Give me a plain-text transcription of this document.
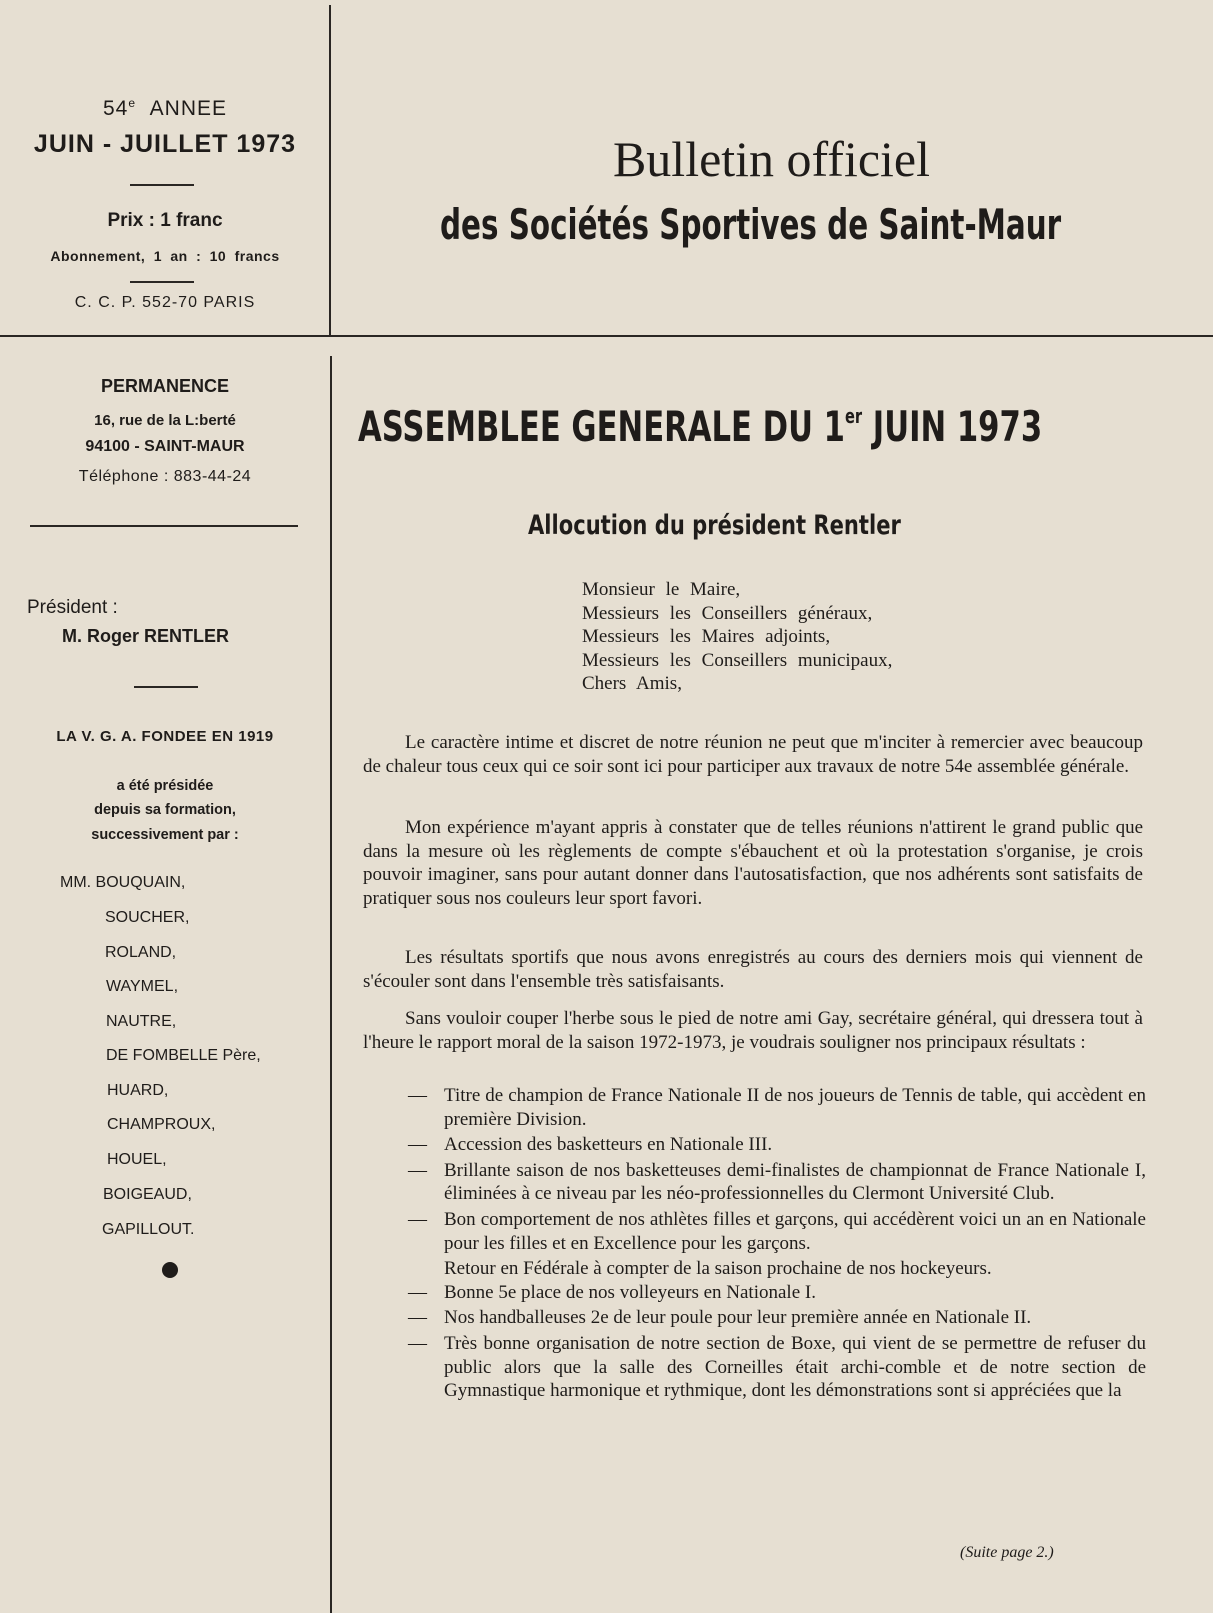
54e ANNEE
JUIN - JUILLET 1973
Prix : 1 franc
Abonnement, 1 an : 10 francs
C. C. P. 552-70 PARIS
Bulletin officiel
des Sociétés Sportives de Saint-Maur
PERMANENCE
16, rue de la L:berté
94100 - SAINT-MAUR
Téléphone : 883-44-24
Président :
M. Roger RENTLER
LA V. G. A. FONDEE EN 1919
a été présidée
depuis sa formation,
successivement par :
MM. BOUQUAIN,
SOUCHER,
ROLAND,
WAYMEL,
NAUTRE,
DE FOMBELLE Père,
HUARD,
CHAMPROUX,
HOUEL,
BOIGEAUD,
GAPILLOUT.
ASSEMBLEE GENERALE DU 1er JUIN 1973
Allocution du président Rentler
Monsieur le Maire,
Messieurs les Conseillers généraux,
Messieurs les Maires adjoints,
Messieurs les Conseillers municipaux,
Chers Amis,

Le caractère intime et discret de notre réunion ne peut que m'inciter à remercier avec beaucoup de chaleur tous ceux qui ce soir sont ici pour participer aux travaux de notre 54e assemblée générale.

Mon expérience m'ayant appris à constater que de telles réunions n'attirent le grand public que dans la mesure où les règlements de compte s'ébauchent et où la protestation s'organise, je crois pouvoir imaginer, sans pour autant donner dans l'autosatisfaction, que nos adhérents sont satisfaits de pratiquer sous nos couleurs leur sport favori.

Les résultats sportifs que nous avons enregistrés au cours des derniers mois qui viennent de s'écouler sont dans l'ensemble très satisfaisants.

Sans vouloir couper l'herbe sous le pied de notre ami Gay, secrétaire général, qui dressera tout à l'heure le rapport moral de la saison 1972-1973, je voudrais souligner nos principaux résultats :

— Titre de champion de France Nationale II de nos joueurs de Tennis de table, qui accèdent en première Division.
— Accession des basketteurs en Nationale III.
— Brillante saison de nos basketteuses demi-finalistes de championnat de France Nationale I, éliminées à ce niveau par les néo-professionnelles du Clermont Université Club.
— Bon comportement de nos athlètes filles et garçons, qui accédèrent voici un an en Nationale pour les filles et en Excellence pour les garçons.
Retour en Fédérale à compter de la saison prochaine de nos hockeyeurs.
— Bonne 5e place de nos volleyeurs en Nationale I.
— Nos handballeuses 2e de leur poule pour leur première année en Nationale II.
— Très bonne organisation de notre section de Boxe, qui vient de se permettre de refuser du public alors que la salle des Corneilles était archi-comble et de notre section de Gymnastique harmonique et rythmique, dont les démonstrations sont si appréciées que la
(Suite page 2.)
